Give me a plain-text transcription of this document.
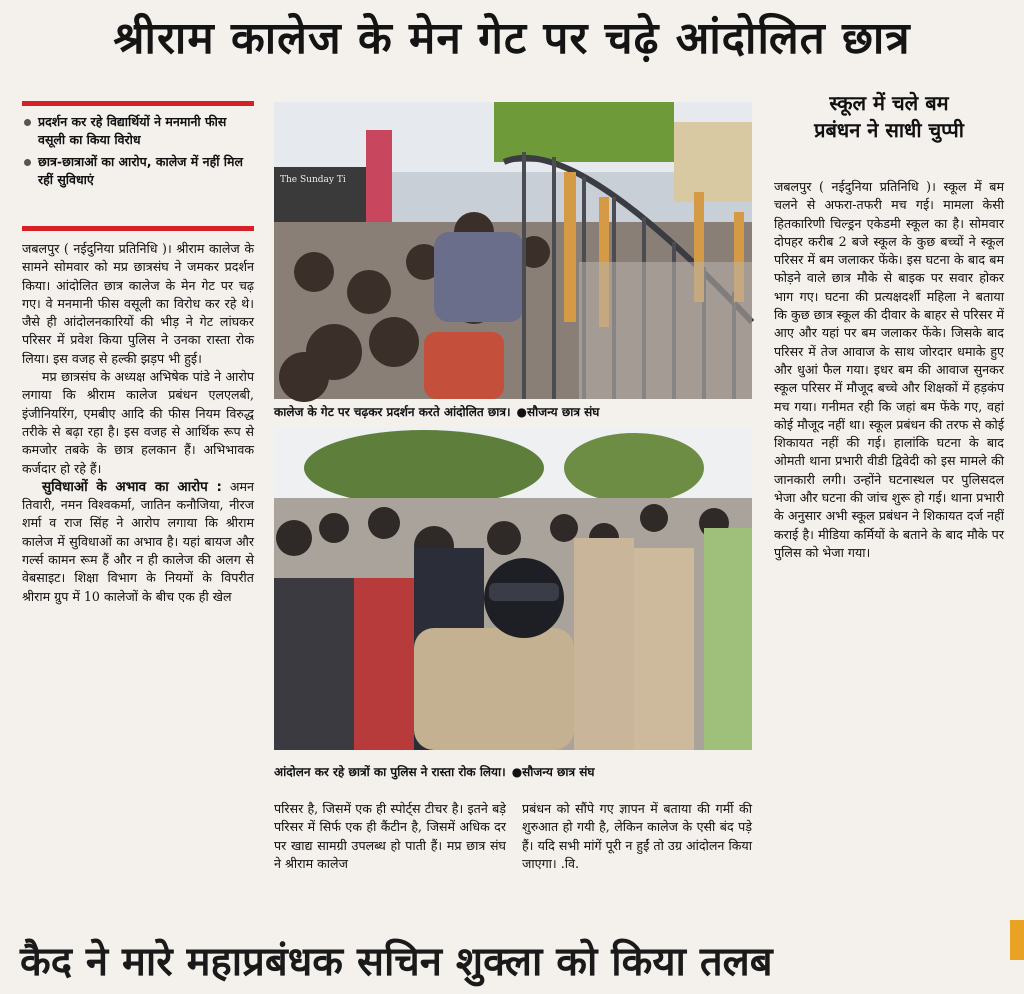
श्रीराम कालेज के मेन गेट पर चढ़े आंदोलित छात्र
प्रदर्शन कर रहे विद्यार्थियों ने मनमानी फीस वसूली का किया विरोध
छात्र-छात्राओं का आरोप, कालेज में नहीं मिल रहीं सुविधाएं

जबलपुर ( नईदुनिया प्रतिनिधि )। श्रीराम कालेज के सामने सोमवार को मप्र छात्रसंघ ने जमकर प्रदर्शन किया। आंदोलित छात्र कालेज के मेन गेट पर चढ़ गए। वे मनमानी फीस वसूली का विरोध कर रहे थे। जैसे ही आंदोलनकारियों की भीड़ ने गेट लांघकर परिसर में प्रवेश किया पुलिस ने उनका रास्ता रोक लिया। इस वजह से हल्की झड़प भी हुई।

मप्र छात्रसंघ के अध्यक्ष अभिषेक पांडे ने आरोप लगाया कि श्रीराम कालेज प्रबंधन एलएलबी, इंजीनियरिंग, एमबीए आदि की फीस नियम विरुद्ध तरीके से बढ़ा रहा है। इस वजह से आर्थिक रूप से कमजोर तबके के छात्र हलकान हैं। अभिभावक कर्जदार हो रहे हैं।

सुविधाओं के अभाव का आरोप : अमन तिवारी, नमन विश्वकर्मा, जातिन कनौजिया, नीरज शर्मा व राज सिंह ने आरोप लगाया कि श्रीराम कालेज में सुविधाओं का अभाव है। यहां बायज और गर्ल्स कामन रूम हैं और न ही कालेज की अलग से वेबसाइट। शिक्षा विभाग के नियमों के विपरीत श्रीराम ग्रुप में 10 कालेजों के बीच एक ही खेल

The Sunday Ti
कालेज के गेट पर चढ़कर प्रदर्शन करते आंदोलित छात्र। ●सौजन्य छात्र संघ
आंदोलन कर रहे छात्रों का पुलिस ने रास्ता रोक लिया। ●सौजन्य छात्र संघ
परिसर है, जिसमें एक ही स्पोर्ट्स टीचर है। इतने बड़े परिसर में सिर्फ एक ही कैंटीन है, जिसमें अधिक दर पर खाद्य सामग्री उपलब्ध हो पाती हैं। मप्र छात्र संघ ने श्रीराम कालेज
प्रबंधन को सौंपे गए ज्ञापन में बताया की गर्मी की शुरुआत हो गयी है, लेकिन कालेज के एसी बंद पड़े हैं। यदि सभी मांगें पूरी न हुईं तो उग्र आंदोलन किया जाएगा। .वि.
स्कूल में चले बम
प्रबंधन ने साधी चुप्पी
जबलपुर ( नईदुनिया प्रतिनिधि )। स्कूल में बम चलने से अफरा-तफरी मच गई। मामला केसी हितकारिणी चिल्ड्रन एकेडमी स्कूल का है। सोमवार दोपहर करीब 2 बजे स्कूल के कुछ बच्चों ने स्कूल परिसर में बम जलाकर फेंके। इस घटना के बाद बम फोड़ने वाले छात्र मौके से बाइक पर सवार होकर भाग गए। घटना की प्रत्यक्षदर्शी महिला ने बताया कि कुछ छात्र स्कूल की दीवार के बाहर से परिसर में आए और यहां पर बम जलाकर फेंके। जिसके बाद परिसर में तेज आवाज के साथ जोरदार धमाके हुए और धुआं फैल गया। इधर बम की आवाज सुनकर स्कूल परिसर में मौजूद बच्चे और शिक्षकों में हड़कंप मच गया। गनीमत रही कि जहां बम फेंके गए, वहां कोई मौजूद नहीं था। स्कूल प्रबंधन की तरफ से कोई शिकायत नहीं की गई। हालांकि घटना के बाद ओमती थाना प्रभारी वीडी द्विवेदी को इस मामले की जानकारी लगी। उन्होंने घटनास्थल पर पुलिसदल भेजा और घटना की जांच शुरू हो गई। थाना प्रभारी के अनुसार अभी स्कूल प्रबंधन ने शिकायत दर्ज नहीं कराई है। मीडिया कर्मियों के बताने के बाद मौके पर पुलिस को भेजा गया।
कैद ने मारे महाप्रबंधक सचिन शुक्ला को किया तलब
